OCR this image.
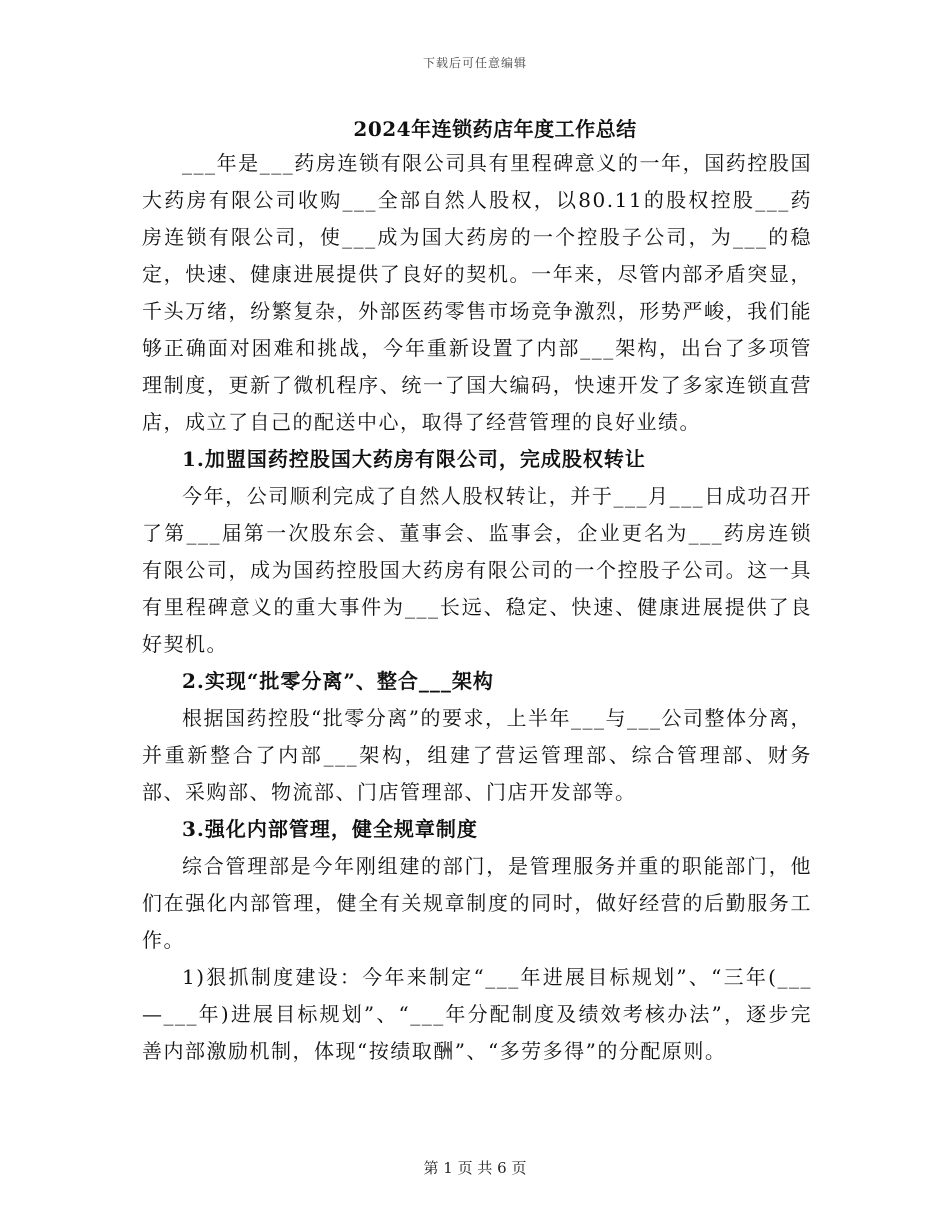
下载后可任意编辑
2024年连锁药店年度工作总结

___年是___药房连锁有限公司具有里程碑意义的一年，国药控股国大药房有限公司收购___全部自然人股权，以80.11的股权控股___药房连锁有限公司，使___成为国大药房的一个控股子公司，为___的稳定，快速、健康进展提供了良好的契机。一年来，尽管内部矛盾突显，千头万绪，纷繁复杂，外部医药零售市场竞争激烈，形势严峻，我们能够正确面对困难和挑战，今年重新设置了内部___架构，出台了多项管理制度，更新了微机程序、统一了国大编码，快速开发了多家连锁直营店，成立了自己的配送中心，取得了经营管理的良好业绩。

1.加盟国药控股国大药房有限公司，完成股权转让

今年，公司顺利完成了自然人股权转让，并于___月___日成功召开了第___届第一次股东会、董事会、监事会，企业更名为___药房连锁有限公司，成为国药控股国大药房有限公司的一个控股子公司。这一具有里程碑意义的重大事件为___长远、稳定、快速、健康进展提供了良好契机。

2.实现“批零分离”、整合___架构

根据国药控股“批零分离”的要求，上半年___与___公司整体分离，并重新整合了内部___架构，组建了营运管理部、综合管理部、财务部、采购部、物流部、门店管理部、门店开发部等。

3.强化内部管理，健全规章制度

综合管理部是今年刚组建的部门，是管理服务并重的职能部门，他们在强化内部管理，健全有关规章制度的同时，做好经营的后勤服务工作。

1)狠抓制度建设：今年来制定“___年进展目标规划”、“三年(___—___年)进展目标规划”、“___年分配制度及绩效考核办法”，逐步完善内部激励机制，体现“按绩取酬”、“多劳多得”的分配原则。

第 1 页 共 6 页
